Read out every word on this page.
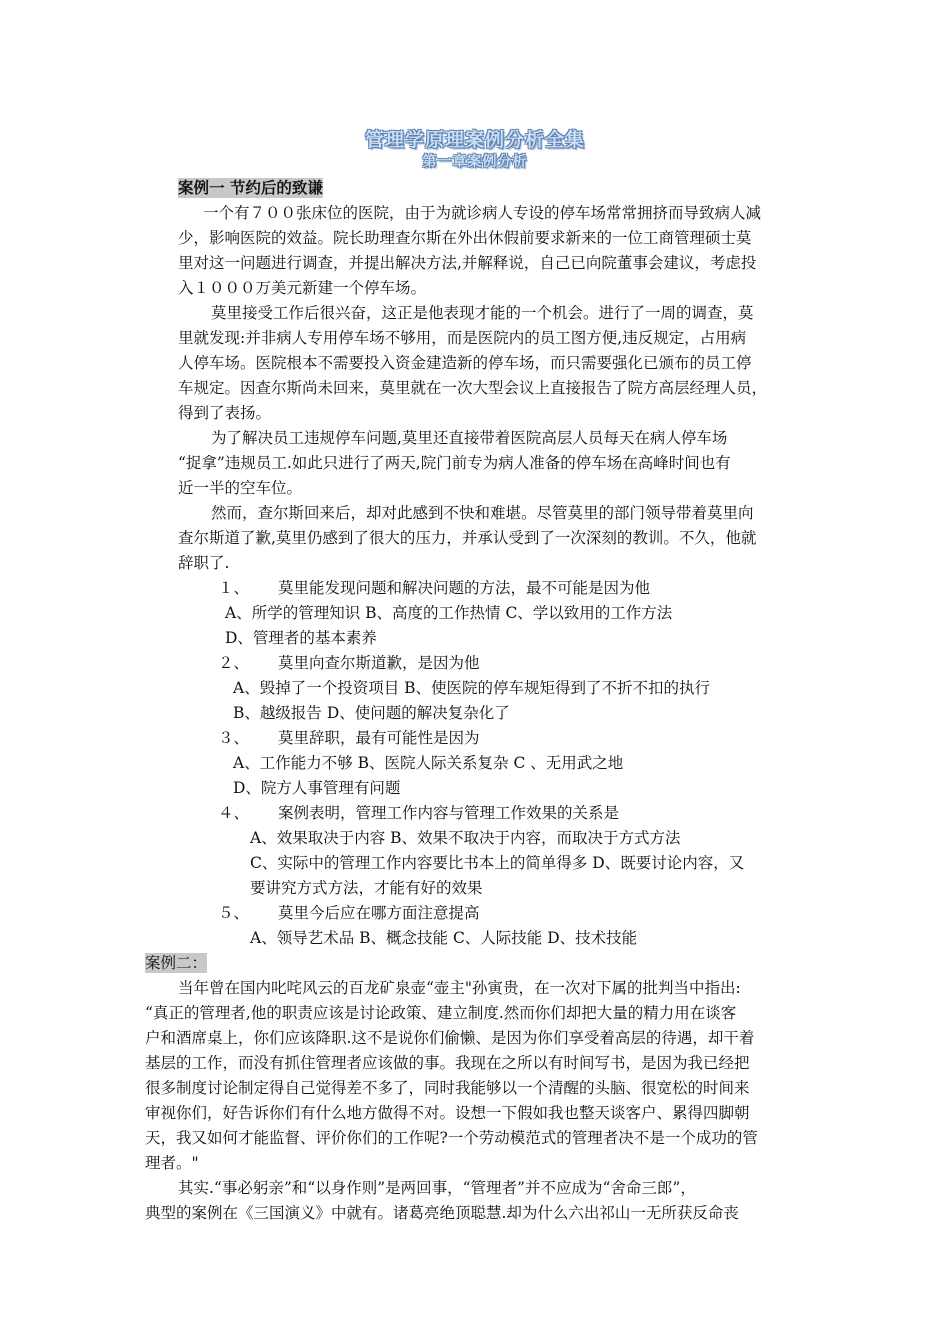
管理学原理案例分析全集
第一章案例分析
案例一 节约后的致谦
一个有７００张床位的医院，由于为就诊病人专设的停车场常常拥挤而导致病人减
少，影响医院的效益。院长助理查尔斯在外出休假前要求新来的一位工商管理硕士莫
里对这一问题进行调查，并提出解决方法,并解释说，自己已向院董事会建议，考虑投
入１０００万美元新建一个停车场。
莫里接受工作后很兴奋，这正是他表现才能的一个机会。进行了一周的调查，莫
里就发现:并非病人专用停车场不够用，而是医院内的员工图方便,违反规定，占用病
人停车场。医院根本不需要投入资金建造新的停车场，而只需要强化已颁布的员工停
车规定。因查尔斯尚未回来，莫里就在一次大型会议上直接报告了院方高层经理人员，
得到了表扬。
为了解决员工违规停车问题,莫里还直接带着医院高层人员每天在病人停车场
“捉拿”违规员工.如此只进行了两天,院门前专为病人准备的停车场在高峰时间也有
近一半的空车位。
然而，查尔斯回来后，却对此感到不快和难堪。尽管莫里的部门领导带着莫里向
查尔斯道了歉,莫里仍感到了很大的压力，并承认受到了一次深刻的教训。不久，他就
辞职了.
１、 莫里能发现问题和解决问题的方法，最不可能是因为他
A、所学的管理知识 B、高度的工作热情 C、学以致用的工作方法
D、管理者的基本素养
２、 莫里向查尔斯道歉，是因为他
A、毁掉了一个投资项目 B、使医院的停车规矩得到了不折不扣的执行
B、越级报告 D、使问题的解决复杂化了
３、 莫里辞职，最有可能性是因为
A、工作能力不够 B、医院人际关系复杂 C 、无用武之地
D、院方人事管理有问题
４、 案例表明，管理工作内容与管理工作效果的关系是
A、效果取决于内容 B、效果不取决于内容，而取决于方式方法
C、实际中的管理工作内容要比书本上的简单得多 D、既要讨论内容，又
要讲究方式方法，才能有好的效果
５、 莫里今后应在哪方面注意提高
A、领导艺术品 B、概念技能 C、人际技能 D、技术技能
案例二：
当年曾在国内叱咤风云的百龙矿泉壶“壶主"孙寅贵，在一次对下属的批判当中指出:
“真正的管理者,他的职责应该是讨论政策、建立制度.然而你们却把大量的精力用在谈客
户和酒席桌上，你们应该降职.这不是说你们偷懒、是因为你们享受着高层的待遇，却干着
基层的工作，而没有抓住管理者应该做的事。我现在之所以有时间写书，是因为我已经把
很多制度讨论制定得自己觉得差不多了，同时我能够以一个清醒的头脑、很宽松的时间来
审视你们，好告诉你们有什么地方做得不对。设想一下假如我也整天谈客户、累得四脚朝
天，我又如何才能监督、评价你们的工作呢?一个劳动模范式的管理者决不是一个成功的管
理者。"
其实.“事必躬亲”和“以身作则”是两回事，“管理者”并不应成为“舍命三郎”，
典型的案例在《三国演义》中就有。诸葛亮绝顶聪慧.却为什么六出祁山一无所获反命丧
